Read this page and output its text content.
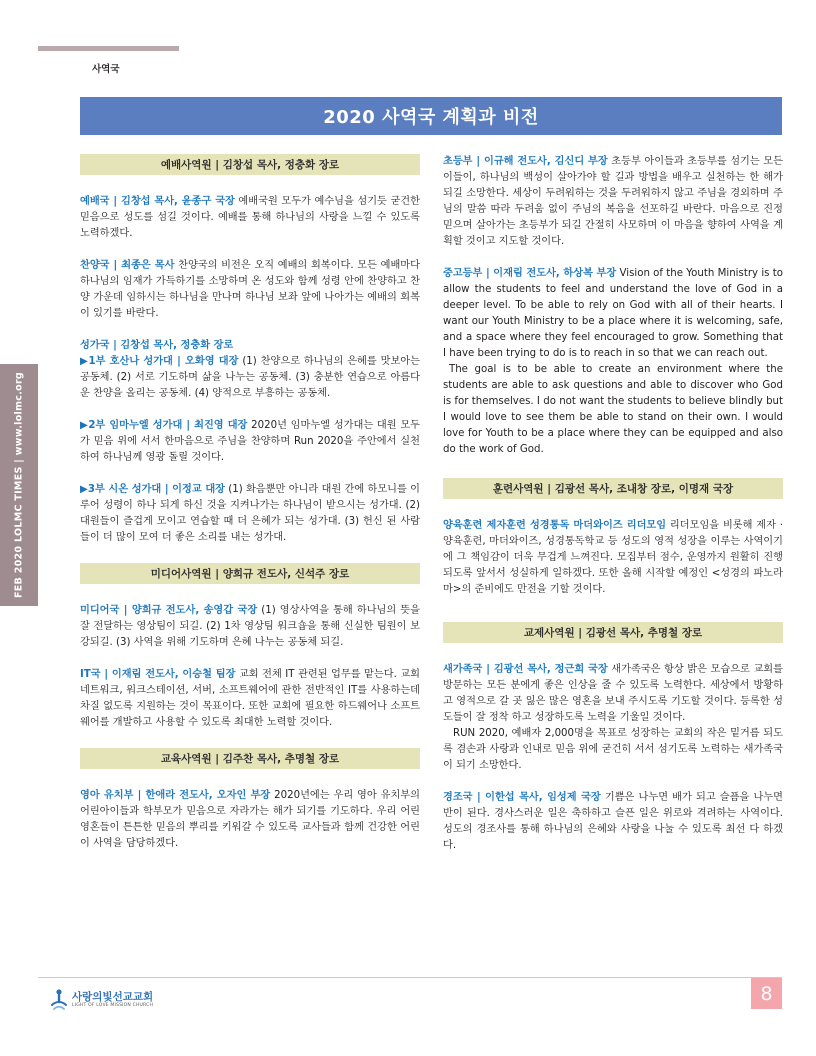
사역국
2020 사역국 계획과 비전
FEB 2020 LOLMC TIMES | www.lolmc.org
예배사역원 | 김창섭 목사, 정충화 장로

예배국 | 김창섭 목사, 윤종구 국장 예배국원 모두가 예수님을 섬기듯 굳건한 믿음으로 성도를 섬길 것이다. 예배를 통해 하나님의 사랑을 느낄 수 있도록 노력하겠다.

찬양국 | 최종은 목사 찬양국의 비전은 오직 예배의 회복이다. 모든 예배마다 하나님의 임재가 가득하기를 소망하며 온 성도와 함께 성령 안에 찬양하고 찬양 가운데 임하시는 하나님을 만나며 하나님 보좌 앞에 나아가는 예배의 회복이 있기를 바란다.

성가국 | 김창섭 목사, 정충화 장로

▶1부 호산나 성가대 | 오화영 대장 (1) 찬양으로 하나님의 은혜를 맛보아는 공동체. (2) 서로 기도하며 삶을 나누는 공동체. (3) 충분한 연습으로 아름다운 찬양을 올리는 공동체. (4) 양적으로 부흥하는 공동체.

▶2부 임마누엘 성가대 | 최진영 대장 2020년 임마누엘 성가대는 대원 모두가 믿음 위에 서서 한마음으로 주님을 찬양하며 Run 2020을 주안에서 실천하여 하나님께 영광 돌릴 것이다.

▶3부 시온 성가대 | 이정교 대장 (1) 화음뿐만 아니라 대원 간에 하모니를 이루어 성령이 하나 되게 하신 것을 지켜나가는 하나님이 받으시는 성가대. (2) 대원들이 즐겁게 모이고 연습할 때 더 은혜가 되는 성가대. (3) 헌신 된 사람들이 더 많이 모여 더 좋은 소리를 내는 성가대.

미디어사역원 | 양희규 전도사, 신석주 장로

미디어국 | 양희규 전도사, 송영갑 국장 (1) 영상사역을 통해 하나님의 뜻을 잘 전달하는 영상팀이 되길. (2) 1차 영상팀 워크숍을 통해 신실한 팀원이 보강되길. (3) 사역을 위해 기도하며 은혜 나누는 공동체 되길.

IT국 | 이재림 전도사, 이승철 팀장 교회 전체 IT 관련된 업무를 맡는다. 교회 네트워크, 워크스테이션, 서버, 소프트웨어에 관한 전반적인 IT를 사용하는데 차질 없도록 지원하는 것이 목표이다. 또한 교회에 필요한 하드웨어나 소프트웨어를 개발하고 사용할 수 있도록 최대한 노력할 것이다.

교육사역원 | 김주찬 목사, 추명철 장로

영아 유치부 | 한애라 전도사, 오자인 부장 2020년에는 우리 영아 유치부의 어린아이들과 학부모가 믿음으로 자라가는 해가 되기를 기도하다. 우리 어린 영혼들이 튼튼한 믿음의 뿌리를 키워갈 수 있도록 교사들과 함께 건강한 어린이 사역을 담당하겠다.

초등부 | 이규해 전도사, 김신디 부장 초등부 아이들과 초등부를 섬기는 모든 이들이, 하나님의 백성이 살아가야 할 길과 방법을 배우고 실천하는 한 해가 되길 소망한다. 세상이 두려워하는 것을 두려워하지 않고 주님을 경외하며 주님의 말씀 따라 두려움 없이 주님의 복음을 선포하길 바란다. 마음으로 진정 믿으며 살아가는 초등부가 되길 간절히 사모하며 이 마음을 향하여 사역을 계획할 것이고 지도할 것이다.

중고등부 | 이재림 전도사, 하상복 부장 Vision of the Youth Ministry is to allow the students to feel and understand the love of God in a deeper level. To be able to rely on God with all of their hearts. I want our Youth Ministry to be a place where it is welcoming, safe, and a space where they feel encouraged to grow. Something that I have been trying to do is to reach in so that we can reach out.

The goal is to be able to create an environment where the students are able to ask questions and able to discover who God is for themselves. I do not want the students to believe blindly but I would love to see them be able to stand on their own. I would love for Youth to be a place where they can be equipped and also do the work of God.

훈련사역원 | 김광선 목사, 조내창 장로, 이명재 국장

양육훈련 제자훈련 성경통독 마더와이즈 리더모임 리더모임을 비롯해 제자 · 양육훈련, 마더와이즈, 성경통독학교 등 성도의 영적 성장을 이루는 사역이기에 그 책임감이 더욱 무겁게 느껴진다. 모집부터 점수, 운영까지 원활히 진행되도록 앞서서 성실하게 일하겠다. 또한 올해 시작할 예정인 <성경의 파노라마>의 준비에도 만전을 기할 것이다.

교제사역원 | 김광선 목사, 추명철 장로

새가족국 | 김광선 목사, 정근희 국장 새가족국은 항상 밝은 모습으로 교회를 방문하는 모든 분에게 좋은 인상을 줄 수 있도록 노력한다. 세상에서 방황하고 영적으로 갈 곳 잃은 많은 영혼을 보내 주시도록 기도할 것이다. 등록한 성도들이 잘 정착 하고 성장하도록 노력을 기울일 것이다.

RUN 2020, 예배자 2,000명을 목표로 성장하는 교회의 작은 밑거름 되도록 겸손과 사랑과 인내로 믿음 위에 굳건히 서서 섬기도록 노력하는 새가족국이 되기 소망한다.

경조국 | 이한섭 목사, 임성제 국장 기쁨은 나누면 배가 되고 슬픔을 나누면 반이 된다. 경사스러운 일은 축하하고 슬픈 일은 위로와 격려하는 사역이다. 성도의 경조사를 통해 하나님의 은혜와 사랑을 나눌 수 있도록 최선 다 하겠다.

사랑의빛선교교회
LIGHT OF LOVE MISSION CHURCH
8
